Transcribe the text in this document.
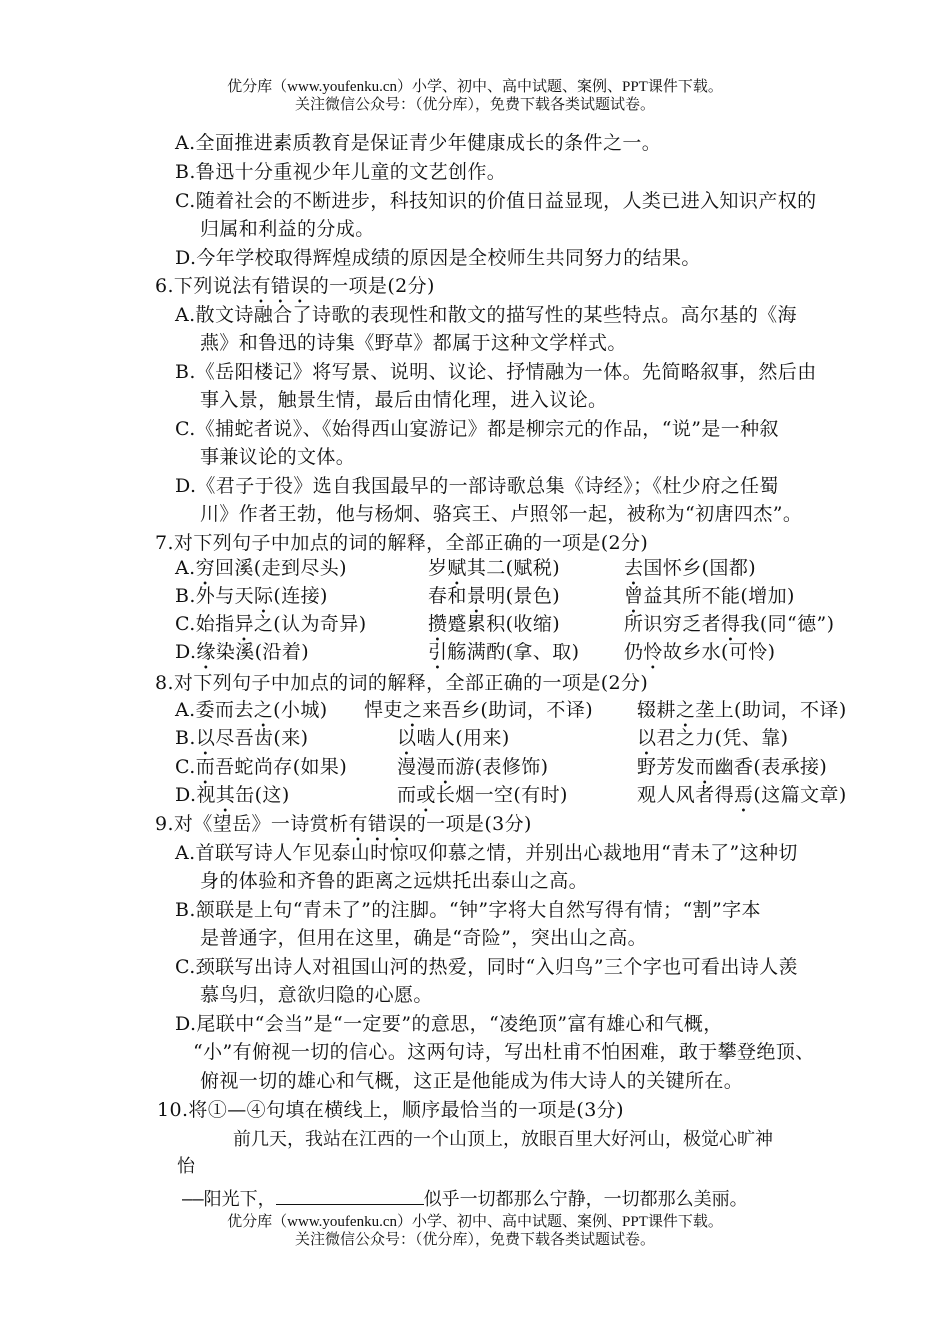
优分库（www.youfenku.cn）小学、初中、高中试题、案例、PPT课件下载。
关注微信公众号：（优分库），免费下载各类试题试卷。
A.全面推进素质教育是保证青少年健康成长的条件之一。
B.鲁迅十分重视少年儿童的文艺创作。
C.随着社会的不断进步，科技知识的价值日益显现，人类已进入知识产权的
归属和利益的分成。
D.今年学校取得辉煌成绩的原因是全校师生共同努力的结果。
6.下列说法有错误的一项是(2分)
A.散文诗融合了诗歌的表现性和散文的描写性的某些特点。高尔基的《海
燕》和鲁迅的诗集《野草》都属于这种文学样式。
B.《岳阳楼记》将写景、说明、议论、抒情融为一体。先简略叙事，然后由
事入景，触景生情，最后由情化理，进入议论。
C.《捕蛇者说》、《始得西山宴游记》都是柳宗元的作品，“说”是一种叙
事兼议论的文体。
D.《君子于役》选自我国最早的一部诗歌总集《诗经》；《杜少府之任蜀
川》作者王勃，他与杨炯、骆宾王、卢照邻一起，被称为“初唐四杰”。
7.对下列句子中加点的词的解释，全部正确的一项是(2分)
A.穷回溪(走到尽头)	岁赋其二(赋税)	去国怀乡(国都)
B.外与天际(连接)	春和景明(景色)	曾益其所不能(增加)
C.始指异之(认为奇异)	攒蹙累积(收缩)	所识穷乏者得我(同“德”)
D.缘染溪(沿着)	引觞满酌(拿、取) 仍怜故乡水(可怜)
8.对下列句子中加点的词的解释，全部正确的一项是(2分)
A.委而去之(小城) 悍吏之来吾乡(助词，不译) 辍耕之垄上(助词，不译)
B.以尽吾齿(来)	以啮人(用来)	以君之力(凭、靠)
C.而吾蛇尚存(如果)	漫漫而游(表修饰)	野芳发而幽香(表承接)
D.视其缶(这)	而或长烟一空(有时)	观人风者得焉(这篇文章)
9.对《望岳》一诗赏析有错误的一项是(3分)
A.首联写诗人乍见泰山时惊叹仰慕之情，并别出心裁地用“青未了”这种切
身的体验和齐鲁的距离之远烘托出泰山之高。
B.颔联是上句“青未了”的注脚。“钟”字将大自然写得有情；“割”字本
是普通字，但用在这里，确是“奇险”，突出山之高。
C.颈联写出诗人对祖国山河的热爱，同时“入归鸟”三个字也可看出诗人羡
慕鸟归，意欲归隐的心愿。
D.尾联中“会当”是“一定要”的意思，“凌绝顶”富有雄心和气概，
“小”有俯视一切的信心。这两句诗，写出杜甫不怕困难，敢于攀登绝顶、
俯视一切的雄心和气概，这正是他能成为伟大诗人的关键所在。
10.将①—④句填在横线上，顺序最恰当的一项是(3分)
前几天，我站在江西的一个山顶上，放眼百里大好河山，极觉心旷神
怡
——阳光下，	似乎一切都那么宁静，一切都那么美丽。
优分库（www.youfenku.cn）小学、初中、高中试题、案例、PPT课件下载。
关注微信公众号：（优分库），免费下载各类试题试卷。
